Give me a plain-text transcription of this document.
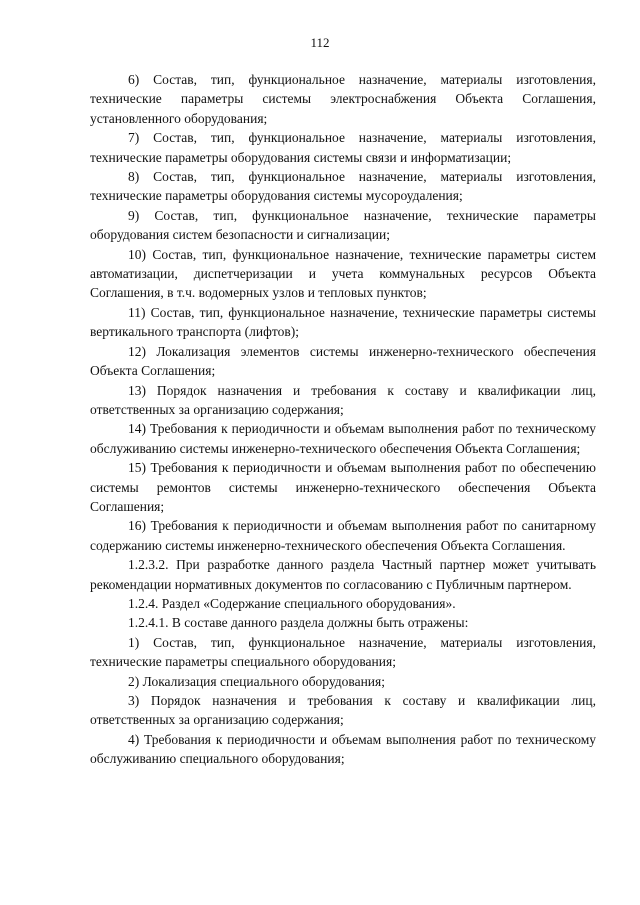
112

6) Состав, тип, функциональное назначение, материалы изготовления, технические параметры системы электроснабжения Объекта Соглашения, установленного оборудования;

7) Состав, тип, функциональное назначение, материалы изготовления, технические параметры оборудования системы связи и информатизации;

8) Состав, тип, функциональное назначение, материалы изготовления, технические параметры оборудования системы мусороудаления;

9) Состав, тип, функциональное назначение, технические параметры оборудования систем безопасности и сигнализации;

10) Состав, тип, функциональное назначение, технические параметры систем автоматизации, диспетчеризации и учета коммунальных ресурсов Объекта Соглашения, в т.ч. водомерных узлов и тепловых пунктов;

11) Состав, тип, функциональное назначение, технические параметры системы вертикального транспорта (лифтов);

12) Локализация элементов системы инженерно-технического обеспечения Объекта Соглашения;

13) Порядок назначения и требования к составу и квалификации лиц, ответственных за организацию содержания;

14) Требования к периодичности и объемам выполнения работ по техническому обслуживанию системы инженерно-технического обеспечения Объекта Соглашения;

15) Требования к периодичности и объемам выполнения работ по обеспечению системы ремонтов системы инженерно-технического обеспечения Объекта Соглашения;

16) Требования к периодичности и объемам выполнения работ по санитарному содержанию системы инженерно-технического обеспечения Объекта Соглашения.

1.2.3.2. При разработке данного раздела Частный партнер может учитывать рекомендации нормативных документов по согласованию с Публичным партнером.

1.2.4. Раздел «Содержание специального оборудования».

1.2.4.1. В составе данного раздела должны быть отражены:

1) Состав, тип, функциональное назначение, материалы изготовления, технические параметры специального оборудования;

2) Локализация специального оборудования;

3) Порядок назначения и требования к составу и квалификации лиц, ответственных за организацию содержания;

4) Требования к периодичности и объемам выполнения работ по техническому обслуживанию специального оборудования;
